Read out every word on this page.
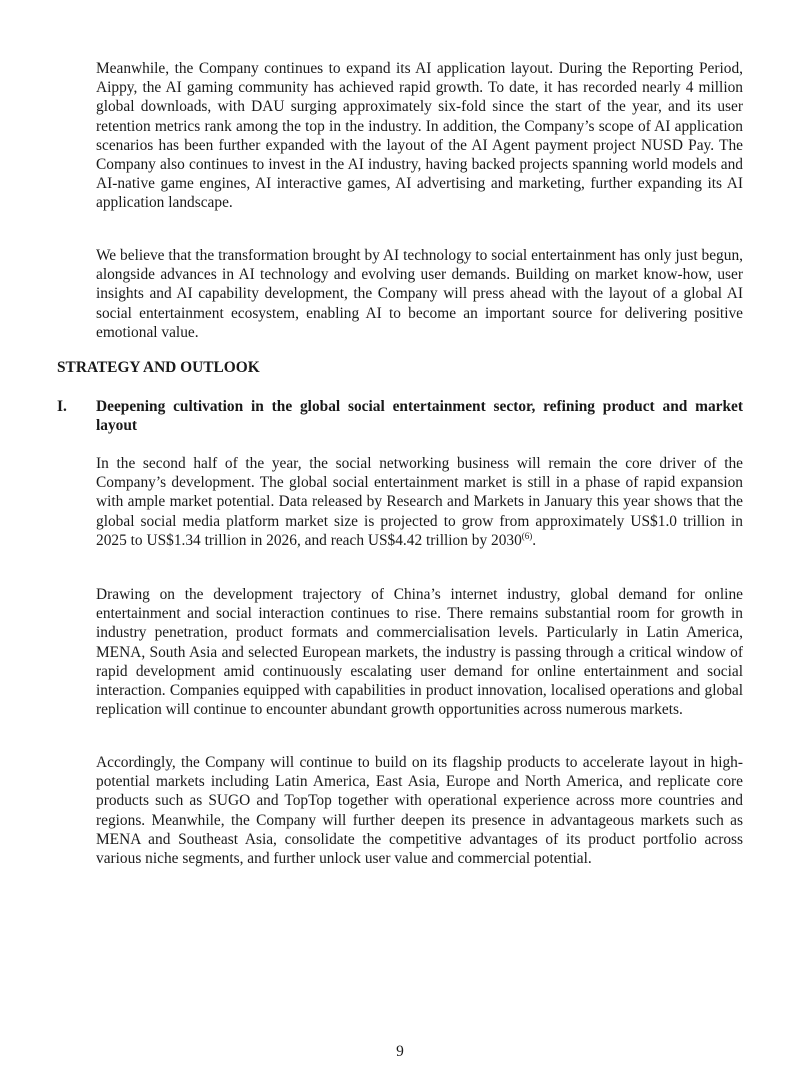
Meanwhile, the Company continues to expand its AI application layout. During the Reporting Period, Aippy, the AI gaming community has achieved rapid growth. To date, it has recorded nearly 4 million global downloads, with DAU surging approximately six-fold since the start of the year, and its user retention metrics rank among the top in the industry. In addition, the Company’s scope of AI application scenarios has been further expanded with the layout of the AI Agent payment project NUSD Pay. The Company also continues to invest in the AI industry, having backed projects spanning world models and AI-native game engines, AI interactive games, AI advertising and marketing, further expanding its AI application landscape.

We believe that the transformation brought by AI technology to social entertainment has only just begun, alongside advances in AI technology and evolving user demands. Building on market know-how, user insights and AI capability development, the Company will press ahead with the layout of a global AI social entertainment ecosystem, enabling AI to become an important source for delivering positive emotional value.

STRATEGY AND OUTLOOK
I. Deepening cultivation in the global social entertainment sector, refining product and market layout

In the second half of the year, the social networking business will remain the core driver of the Company’s development. The global social entertainment market is still in a phase of rapid expansion with ample market potential. Data released by Research and Markets in January this year shows that the global social media platform market size is projected to grow from approximately US$1.0 trillion in 2025 to US$1.34 trillion in 2026, and reach US$4.42 trillion by 2030$^{(6)}$.

Drawing on the development trajectory of China’s internet industry, global demand for online entertainment and social interaction continues to rise. There remains substantial room for growth in industry penetration, product formats and commercialisation levels. Particularly in Latin America, MENA, South Asia and selected European markets, the industry is passing through a critical window of rapid development amid continuously escalating user demand for online entertainment and social interaction. Companies equipped with capabilities in product innovation, localised operations and global replication will continue to encounter abundant growth opportunities across numerous markets.

Accordingly, the Company will continue to build on its flagship products to accelerate layout in high-potential markets including Latin America, East Asia, Europe and North America, and replicate core products such as SUGO and TopTop together with operational experience across more countries and regions. Meanwhile, the Company will further deepen its presence in advantageous markets such as MENA and Southeast Asia, consolidate the competitive advantages of its product portfolio across various niche segments, and further unlock user value and commercial potential.

9
